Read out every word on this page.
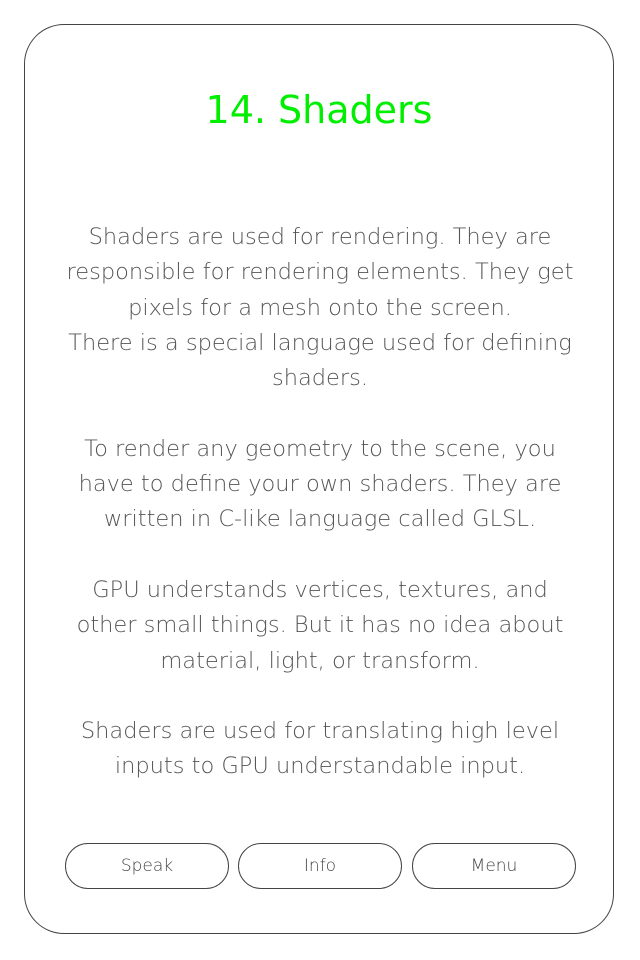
14. Shaders

Shaders are used for rendering. They are
responsible for rendering elements. They get
pixels for a mesh onto the screen.
There is a special language used for defining
shaders.

To render any geometry to the scene, you
have to define your own shaders. They are
written in C-like language called GLSL.

GPU understands vertices, textures, and
other small things. But it has no idea about
material, light, or transform.

Shaders are used for translating high level
inputs to GPU understandable input.

Speak	Info	Menu
